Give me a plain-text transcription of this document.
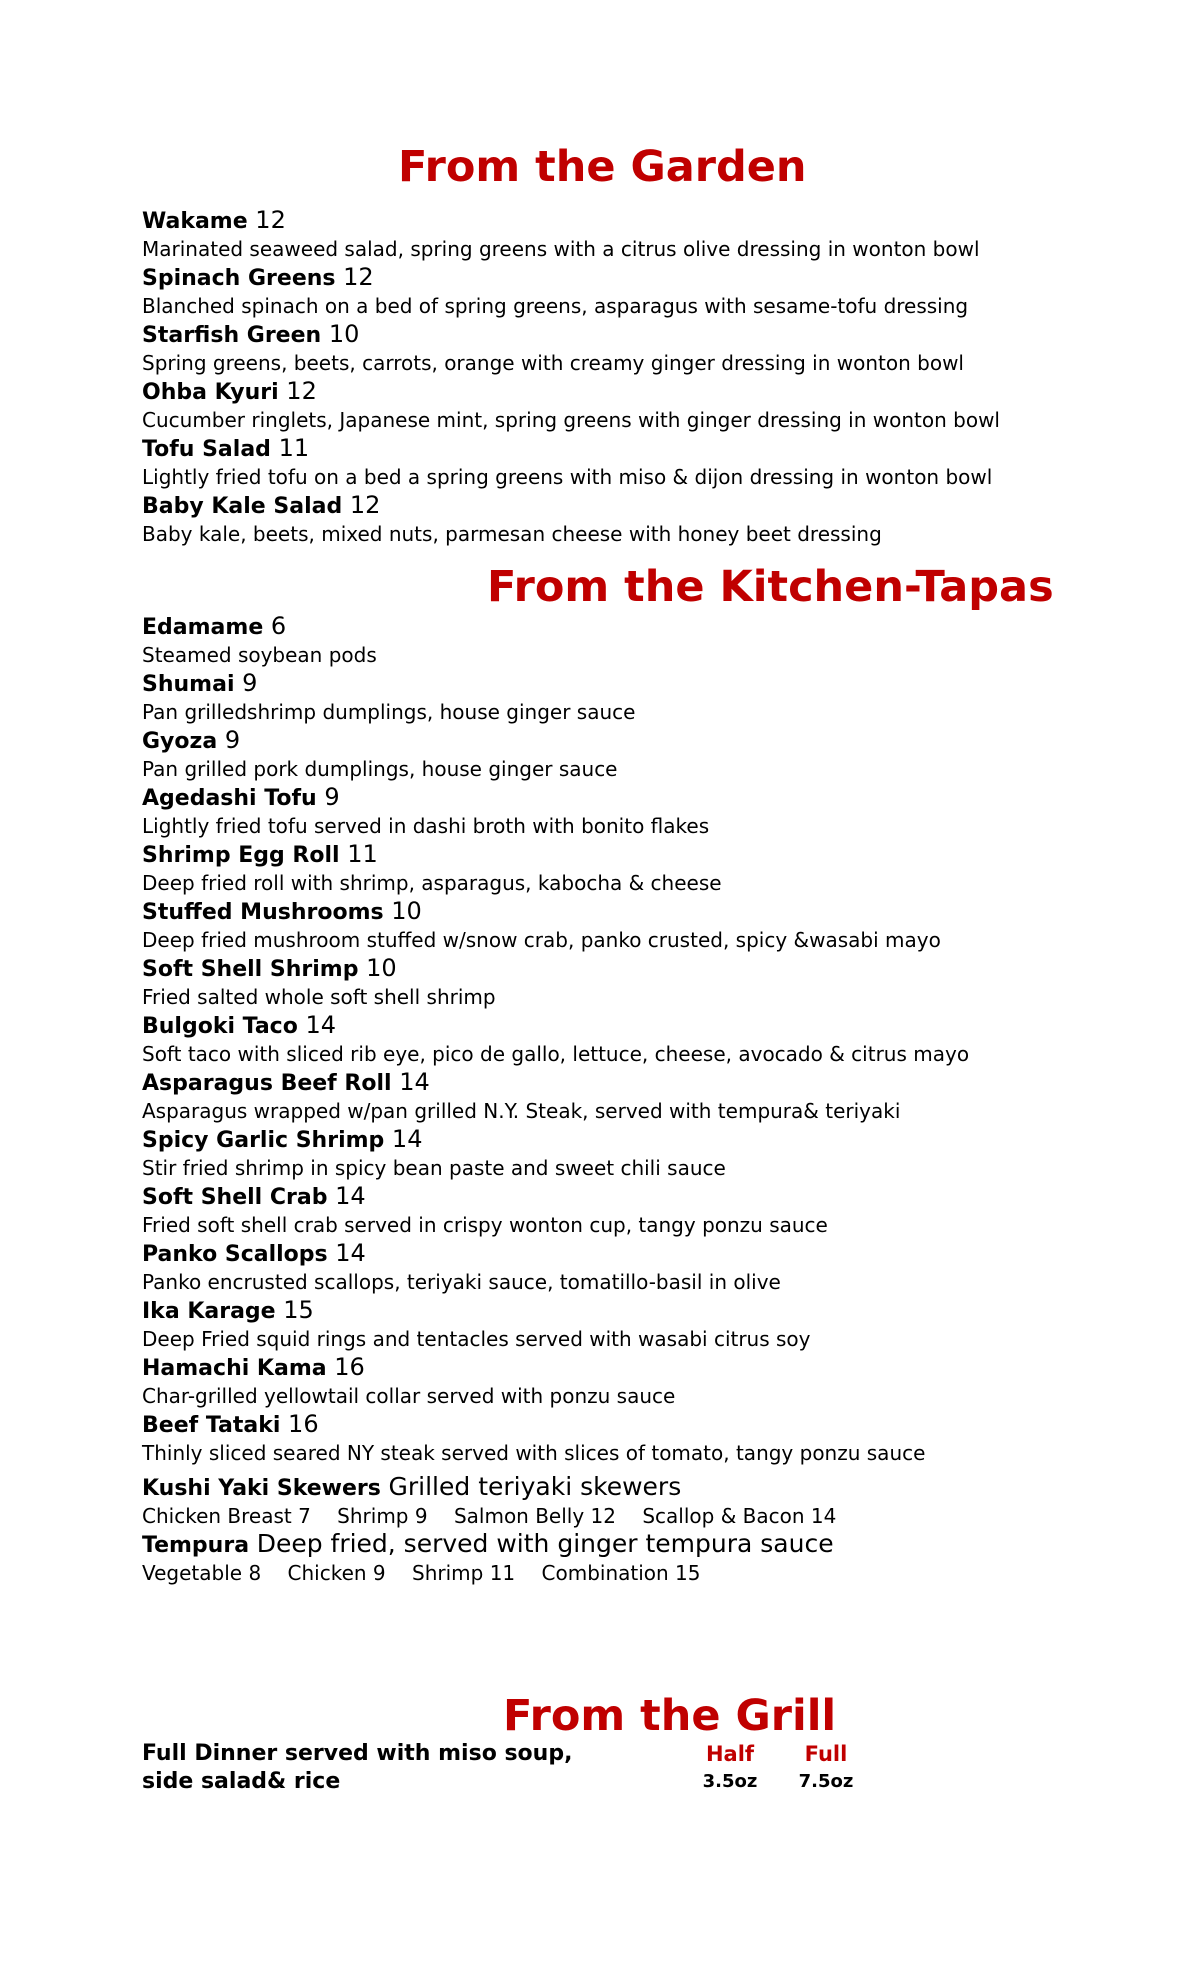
From the Garden
Wakame 12
Marinated seaweed salad, spring greens with a citrus olive dressing in wonton bowl
Spinach Greens 12
Blanched spinach on a bed of spring greens, asparagus with sesame-tofu dressing
Starfish Green 10
Spring greens, beets, carrots, orange with creamy ginger dressing in wonton bowl
Ohba Kyuri 12
Cucumber ringlets, Japanese mint, spring greens with ginger dressing in wonton bowl
Tofu Salad 11
Lightly fried tofu on a bed a spring greens with miso & dijon dressing in wonton bowl
Baby Kale Salad 12
Baby kale, beets, mixed nuts, parmesan cheese with honey beet dressing
From the Kitchen-Tapas
Edamame 6
Steamed soybean pods
Shumai 9
Pan grilledshrimp dumplings, house ginger sauce
Gyoza 9
Pan grilled pork dumplings, house ginger sauce
Agedashi Tofu 9
Lightly fried tofu served in dashi broth with bonito flakes
Shrimp Egg Roll 11
Deep fried roll with shrimp, asparagus, kabocha & cheese
Stuffed Mushrooms 10
Deep fried mushroom stuffed w/snow crab, panko crusted, spicy &wasabi mayo
Soft Shell Shrimp 10
Fried salted whole soft shell shrimp
Bulgoki Taco 14
Soft taco with sliced rib eye, pico de gallo, lettuce, cheese, avocado & citrus mayo
Asparagus Beef Roll 14
Asparagus wrapped w/pan grilled N.Y. Steak, served with tempura& teriyaki
Spicy Garlic Shrimp 14
Stir fried shrimp in spicy bean paste and sweet chili sauce
Soft Shell Crab 14
Fried soft shell crab served in crispy wonton cup, tangy ponzu sauce
Panko Scallops 14
Panko encrusted scallops, teriyaki sauce, tomatillo-basil in olive
Ika Karage 15
Deep Fried squid rings and tentacles served with wasabi citrus soy
Hamachi Kama 16
Char-grilled yellowtail collar served with ponzu sauce
Beef Tataki 16
Thinly sliced seared NY steak served with slices of tomato, tangy ponzu sauce
Kushi Yaki Skewers Grilled teriyaki skewers
Chicken Breast 7 Shrimp 9 Salmon Belly 12 Scallop & Bacon 14
Tempura Deep fried, served with ginger tempura sauce
Vegetable 8 Chicken 9 Shrimp 11 Combination 15
From the Grill
Full Dinner served with miso soup,
side salad& rice
Half
3.5oz
Full
7.5oz
